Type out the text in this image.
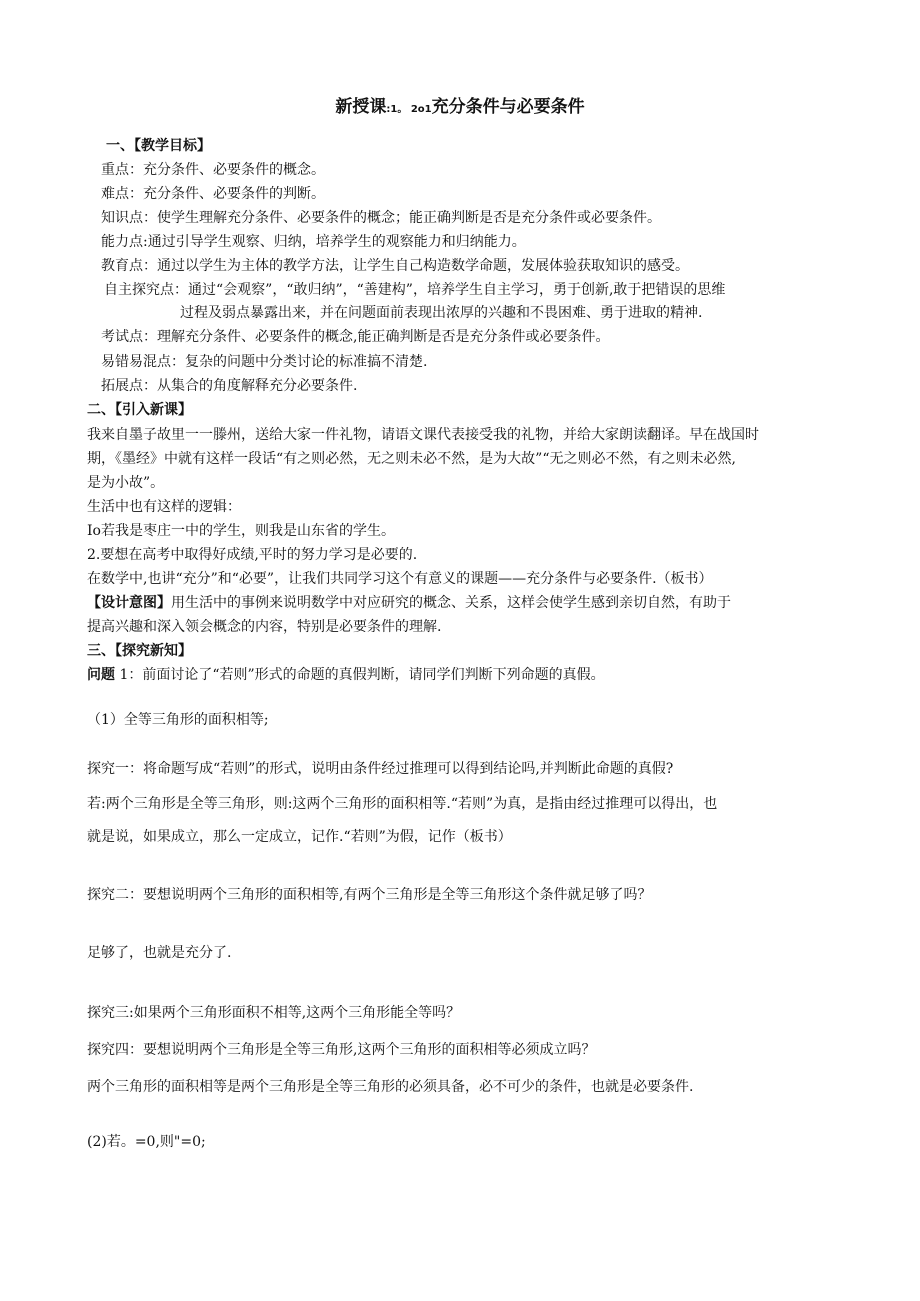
新授课:1。 2o1充分条件与必要条件
一、【教学目标】
重点：充分条件、必要条件的概念。
难点：充分条件、必要条件的判断。
知识点：使学生理解充分条件、必要条件的概念；能正确判断是否是充分条件或必要条件。
能力点:通过引导学生观察、归纳，培养学生的观察能力和归纳能力。
教育点：通过以学生为主体的教学方法，让学生自己构造数学命题，发展体验获取知识的感受。
自主探究点：通过“会观察”，“敢归纳”，“善建构”，培养学生自主学习，勇于创新,敢于把错误的思维
过程及弱点暴露出来，并在问题面前表现出浓厚的兴趣和不畏困难、勇于进取的精神.
考试点：理解充分条件、必要条件的概念,能正确判断是否是充分条件或必要条件。
易错易混点：复杂的问题中分类讨论的标准搞不清楚.
拓展点：从集合的角度解释充分必要条件.
二、【引入新课】
我来自墨子故里一一滕州，送给大家一件礼物，请语文课代表接受我的礼物，并给大家朗读翻译。早在战国时
期，《墨经》中就有这样一段话“有之则必然，无之则未必不然，是为大故”“无之则必不然，有之则未必然,
是为小故”。
生活中也有这样的逻辑：
Io若我是枣庄一中的学生，则我是山东省的学生。
2.要想在高考中取得好成绩,平时的努力学习是必要的.
在数学中,也讲“充分”和“必要”，让我们共同学习这个有意义的课题——充分条件与必要条件.（板书）
【设计意图】用生活中的事例来说明数学中对应研究的概念、关系，这样会使学生感到亲切自然，有助于
提高兴趣和深入领会概念的内容，特别是必要条件的理解.
三、【探究新知】
问题 1：前面讨论了“若则”形式的命题的真假判断，请同学们判断下列命题的真假。
（1）全等三角形的面积相等;
探究一：将命题写成“若则”的形式，说明由条件经过推理可以得到结论吗,并判断此命题的真假?
若:两个三角形是全等三角形，则:这两个三角形的面积相等.“若则”为真，是指由经过推理可以得出，也
就是说，如果成立，那么一定成立，记作.“若则”为假，记作（板书）
探究二：要想说明两个三角形的面积相等,有两个三角形是全等三角形这个条件就足够了吗？
足够了，也就是充分了.
探究三:如果两个三角形面积不相等,这两个三角形能全等吗？
探究四：要想说明两个三角形是全等三角形,这两个三角形的面积相等必须成立吗？
两个三角形的面积相等是两个三角形是全等三角形的必须具备，必不可少的条件，也就是必要条件.
(2)若。=0,则"=0;
